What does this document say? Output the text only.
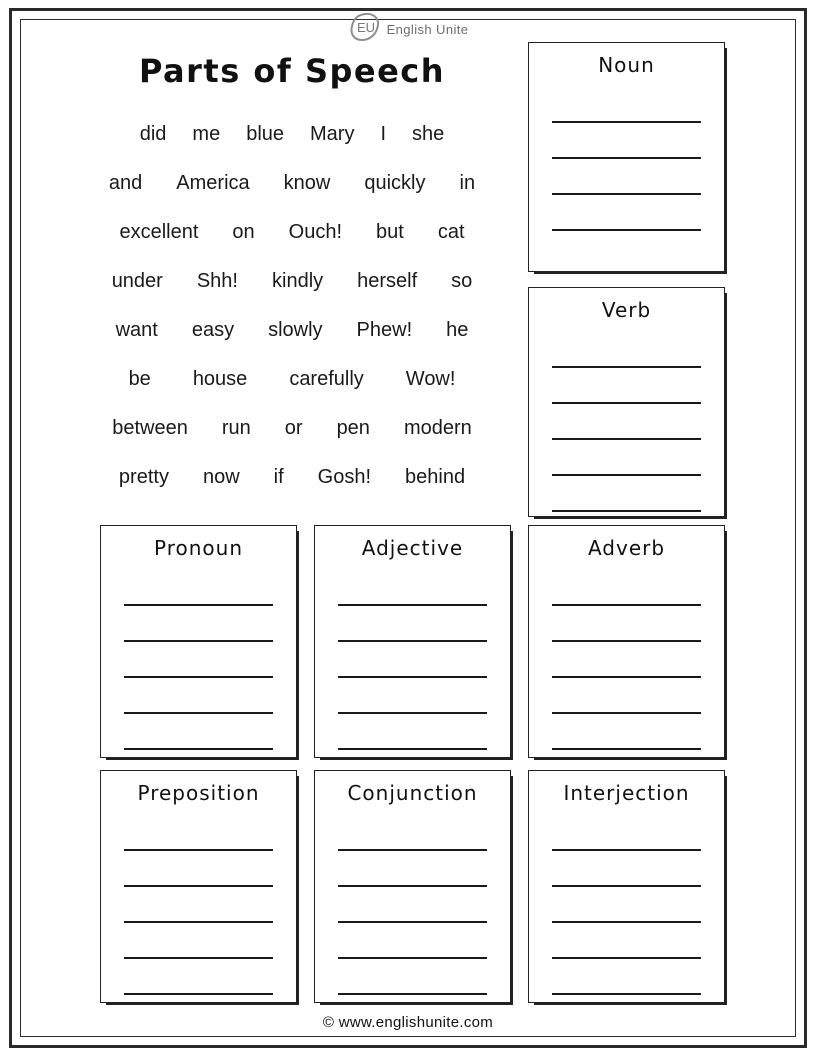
EU English Unite
Parts of Speech
did me blue Mary I she
and America know quickly in
excellent on Ouch! but cat
under Shh! kindly herself so
want easy slowly Phew! he
be house carefully Wow!
between run or pen modern
pretty now if Gosh! behind
Noun
Verb
Pronoun	Adjective	Adverb
Preposition	Conjunction	Interjection
© www.englishunite.com
